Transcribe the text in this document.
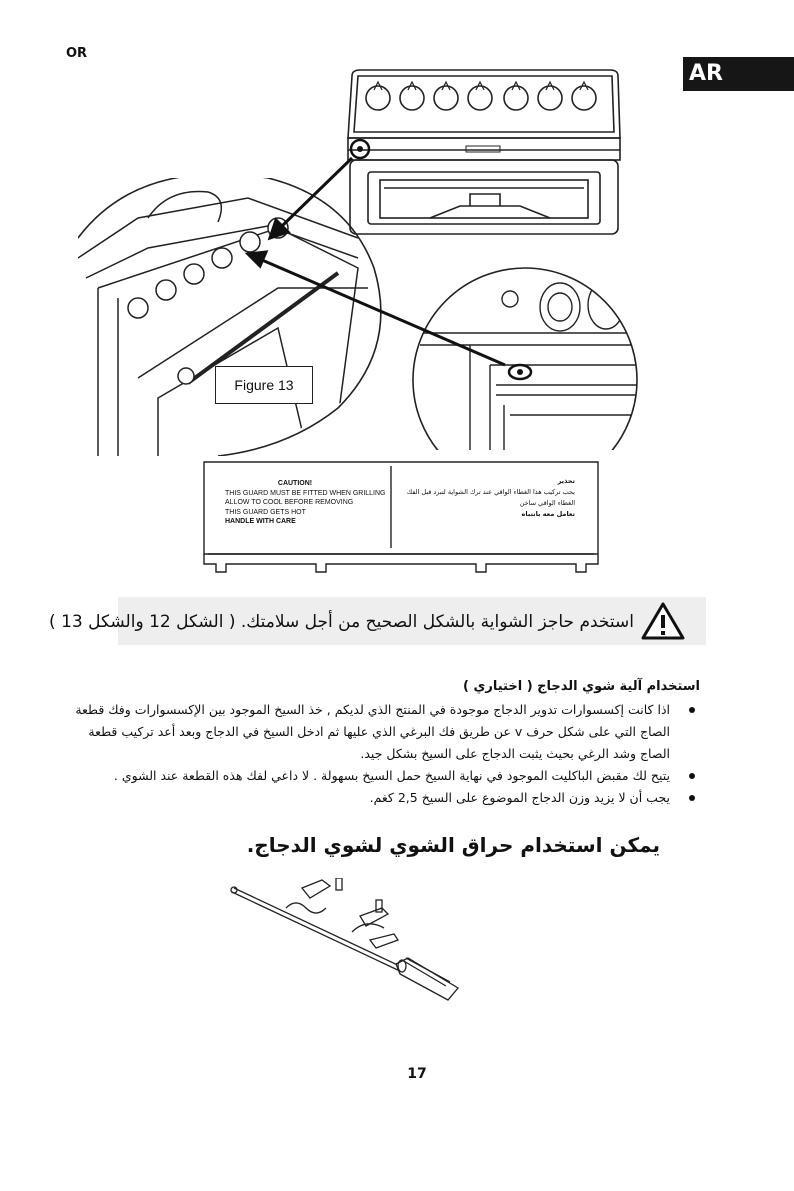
OR
AR
Figure 13
CAUTION!
THIS GUARD MUST BE FITTED WHEN GRILLING
ALLOW TO COOL BEFORE REMOVING
THIS GUARD GETS HOT
HANDLE WITH CARE
تحذير
يجب تركيب هذا الغطاء الواقي عند ترك الشواية لتبرد قبل الفك
الغطاء الواقي ساخن
تعامل معه بانتباه
استخدم حاجز الشواية بالشكل الصحيح من أجل سلامتك. ( الشكل 12 والشكل 13 )
استخدام آلية شوي الدجاج ( اختياري )
اذا كانت إكسسوارات تدوير الدجاج موجودة في المنتج الذي لديكم , خذ السيخ الموجود بين الإكسسوارات وفك قطعة الصاج التي على شكل حرف v عن طريق فك البرغي الذي عليها ثم ادخل السيخ في الدجاج وبعد أعد تركيب قطعة الصاج وشد الرغي بحيث يثبت الدجاج على السيخ بشكل جيد.
يتيح لك مقبض الباكليت الموجود في نهاية السيخ حمل السيخ بسهولة . لا داعي لفك هذه القطعة عند الشوي .
يجب أن لا يزيد وزن الدجاج الموضوع على السيخ 2,5 كغم.
يمكن استخدام حراق الشوي لشوي الدجاج.
17
